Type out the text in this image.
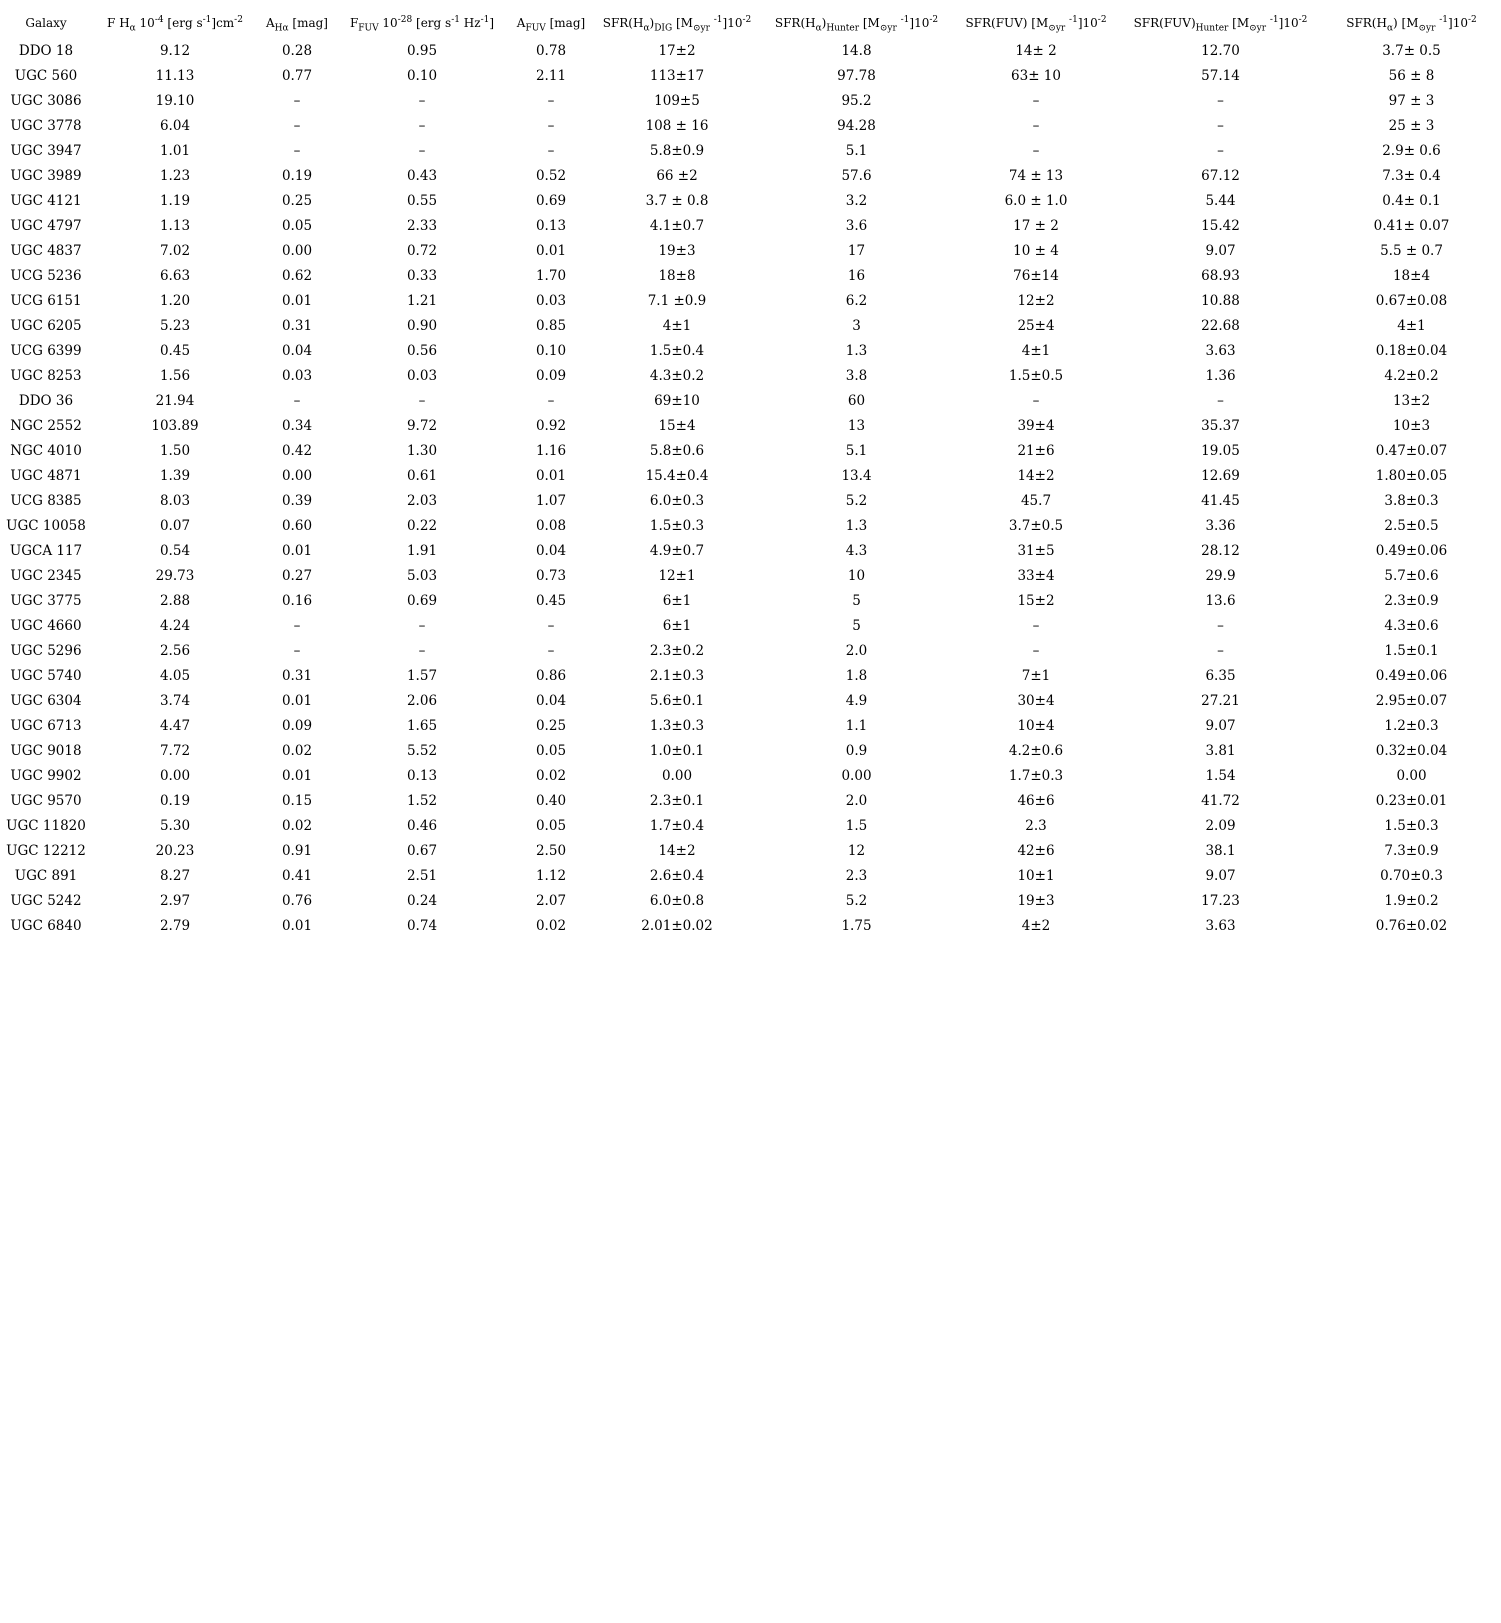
Galaxy	F $H_\alpha$ $10^{-4}$ [erg $s^{-1}]cm^{-2}$	$A_{H\alpha}$ [mag]	$F_{FUV}$ $10^{-28}$ [erg $s^{-1}$ $Hz^{-1}$]	$A_{FUV}$ [mag]	$SFR(H_\alpha)_{DIG}$ [$M_{⊙yr}$ $^{-1}]10^{-2}$	$SFR(H_\alpha)_{Hunter}$ [$M_{⊙yr}$ $^{-1}]10^{-2}$	SFR(FUV) [$M_{⊙yr}$ $^{-1}]10^{-2}$	$SFR(FUV)_{Hunter}$ [$M_{⊙yr}$ $^{-1}]10^{-2}$	$SFR(H_\alpha)$ [$M_{⊙yr}$ $^{-1}]10^{-2}$
DDO 18	9.12	0.28	0.95	0.78	17±2	14.8	14± 2	12.70	3.7± 0.5
UGC 560	11.13	0.77	0.10	2.11	113±17	97.78	63± 10	57.14	56 ± 8
UGC 3086	19.10	–	–	–	109±5	95.2	–	–	97 ± 3
UGC 3778	6.04	–	–	–	108 ± 16	94.28	–	–	25 ± 3
UGC 3947	1.01	–	–	–	5.8±0.9	5.1	–	–	2.9± 0.6
UGC 3989	1.23	0.19	0.43	0.52	66 ±2	57.6	74 ± 13	67.12	7.3± 0.4
UGC 4121	1.19	0.25	0.55	0.69	3.7 ± 0.8	3.2	6.0 ± 1.0	5.44	0.4± 0.1
UGC 4797	1.13	0.05	2.33	0.13	4.1±0.7	3.6	17 ± 2	15.42	0.41± 0.07
UGC 4837	7.02	0.00	0.72	0.01	19±3	17	10 ± 4	9.07	5.5 ± 0.7
UCG 5236	6.63	0.62	0.33	1.70	18±8	16	76±14	68.93	18±4
UCG 6151	1.20	0.01	1.21	0.03	7.1 ±0.9	6.2	12±2	10.88	0.67±0.08
UGC 6205	5.23	0.31	0.90	0.85	4±1	3	25±4	22.68	4±1
UCG 6399	0.45	0.04	0.56	0.10	1.5±0.4	1.3	4±1	3.63	0.18±0.04
UGC 8253	1.56	0.03	0.03	0.09	4.3±0.2	3.8	1.5±0.5	1.36	4.2±0.2
DDO 36	21.94	–	–	–	69±10	60	–	–	13±2
NGC 2552	103.89	0.34	9.72	0.92	15±4	13	39±4	35.37	10±3
NGC 4010	1.50	0.42	1.30	1.16	5.8±0.6	5.1	21±6	19.05	0.47±0.07
UGC 4871	1.39	0.00	0.61	0.01	15.4±0.4	13.4	14±2	12.69	1.80±0.05
UCG 8385	8.03	0.39	2.03	1.07	6.0±0.3	5.2	45.7	41.45	3.8±0.3
UGC 10058	0.07	0.60	0.22	0.08	1.5±0.3	1.3	3.7±0.5	3.36	2.5±0.5
UGCA 117	0.54	0.01	1.91	0.04	4.9±0.7	4.3	31±5	28.12	0.49±0.06
UGC 2345	29.73	0.27	5.03	0.73	12±1	10	33±4	29.9	5.7±0.6
UGC 3775	2.88	0.16	0.69	0.45	6±1	5	15±2	13.6	2.3±0.9
UGC 4660	4.24	–	–	–	6±1	5	–	–	4.3±0.6
UGC 5296	2.56	–	–	–	2.3±0.2	2.0	–	–	1.5±0.1
UGC 5740	4.05	0.31	1.57	0.86	2.1±0.3	1.8	7±1	6.35	0.49±0.06
UGC 6304	3.74	0.01	2.06	0.04	5.6±0.1	4.9	30±4	27.21	2.95±0.07
UGC 6713	4.47	0.09	1.65	0.25	1.3±0.3	1.1	10±4	9.07	1.2±0.3
UGC 9018	7.72	0.02	5.52	0.05	1.0±0.1	0.9	4.2±0.6	3.81	0.32±0.04
UGC 9902	0.00	0.01	0.13	0.02	0.00	0.00	1.7±0.3	1.54	0.00
UGC 9570	0.19	0.15	1.52	0.40	2.3±0.1	2.0	46±6	41.72	0.23±0.01
UGC 11820	5.30	0.02	0.46	0.05	1.7±0.4	1.5	2.3	2.09	1.5±0.3
UGC 12212	20.23	0.91	0.67	2.50	14±2	12	42±6	38.1	7.3±0.9
UGC 891	8.27	0.41	2.51	1.12	2.6±0.4	2.3	10±1	9.07	0.70±0.3
UGC 5242	2.97	0.76	0.24	2.07	6.0±0.8	5.2	19±3	17.23	1.9±0.2
UGC 6840	2.79	0.01	0.74	0.02	2.01±0.02	1.75	4±2	3.63	0.76±0.02
